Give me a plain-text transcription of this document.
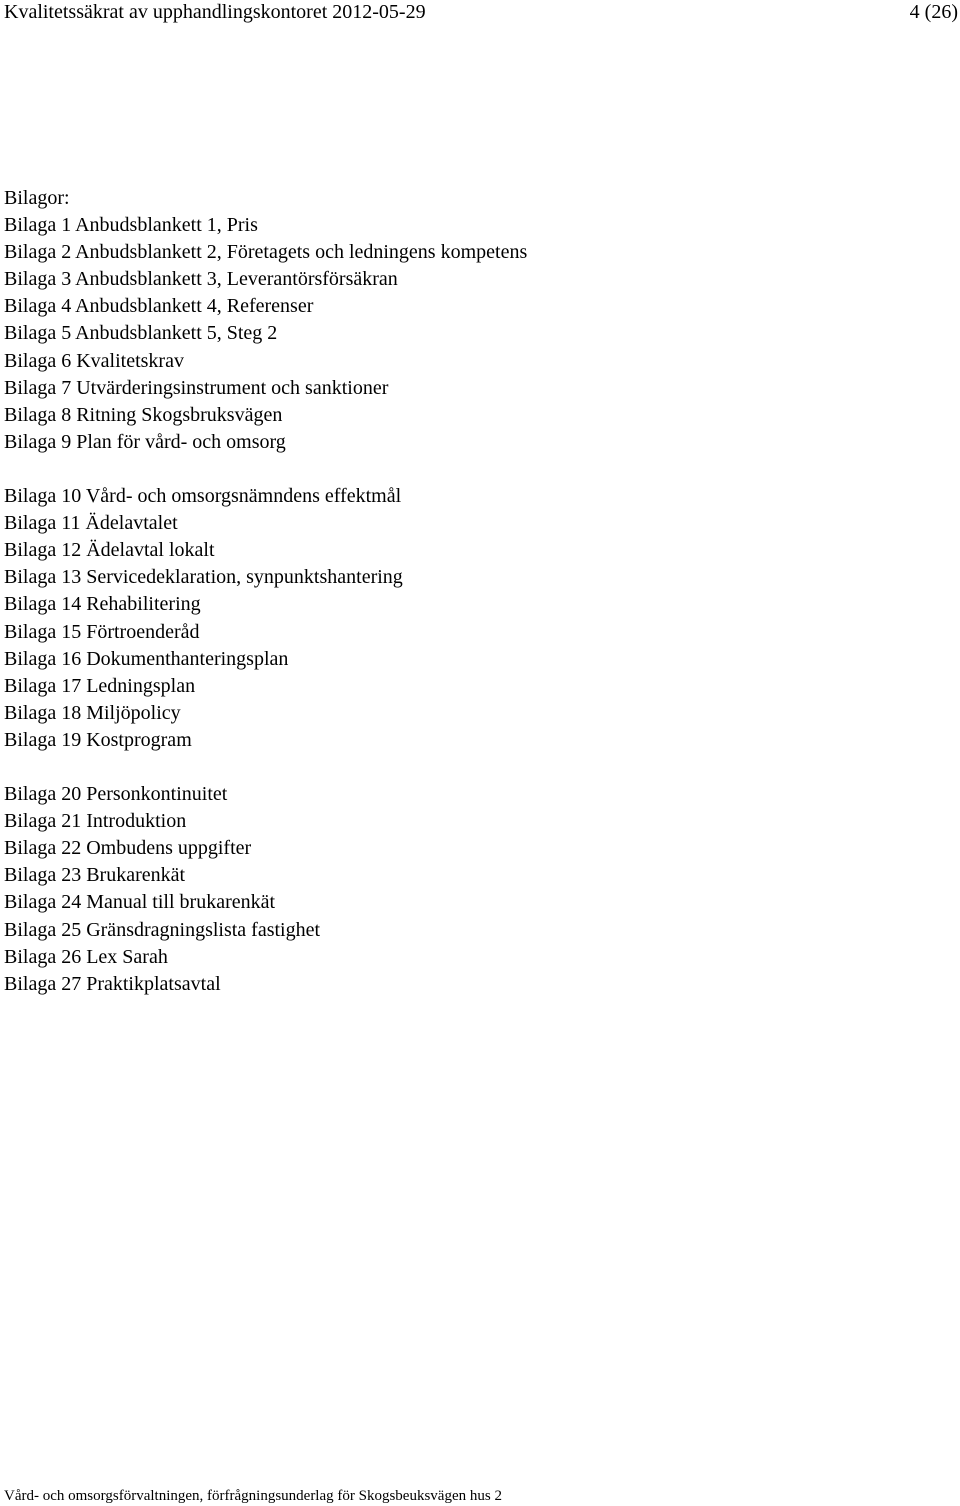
Kvalitetssäkrat av upphandlingskontoret 2012-05-29	4 (26)
Bilagor:
Bilaga 1 Anbudsblankett 1, Pris
Bilaga 2 Anbudsblankett 2, Företagets och ledningens kompetens
Bilaga 3 Anbudsblankett 3, Leverantörsförsäkran
Bilaga 4 Anbudsblankett 4, Referenser
Bilaga 5 Anbudsblankett 5, Steg 2
Bilaga 6 Kvalitetskrav
Bilaga 7 Utvärderingsinstrument och sanktioner
Bilaga 8 Ritning Skogsbruksvägen
Bilaga 9 Plan för vård- och omsorg
Bilaga 10 Vård- och omsorgsnämndens effektmål
Bilaga 11 Ädelavtalet
Bilaga 12 Ädelavtal lokalt
Bilaga 13 Servicedeklaration, synpunktshantering
Bilaga 14 Rehabilitering
Bilaga 15 Förtroenderåd
Bilaga 16 Dokumenthanteringsplan
Bilaga 17 Ledningsplan
Bilaga 18 Miljöpolicy
Bilaga 19 Kostprogram
Bilaga 20 Personkontinuitet
Bilaga 21 Introduktion
Bilaga 22 Ombudens uppgifter
Bilaga 23 Brukarenkät
Bilaga 24 Manual till brukarenkät
Bilaga 25 Gränsdragningslista fastighet
Bilaga 26 Lex Sarah
Bilaga 27 Praktikplatsavtal
Vård- och omsorgsförvaltningen, förfrågningsunderlag för Skogsbeuksvägen hus 2
